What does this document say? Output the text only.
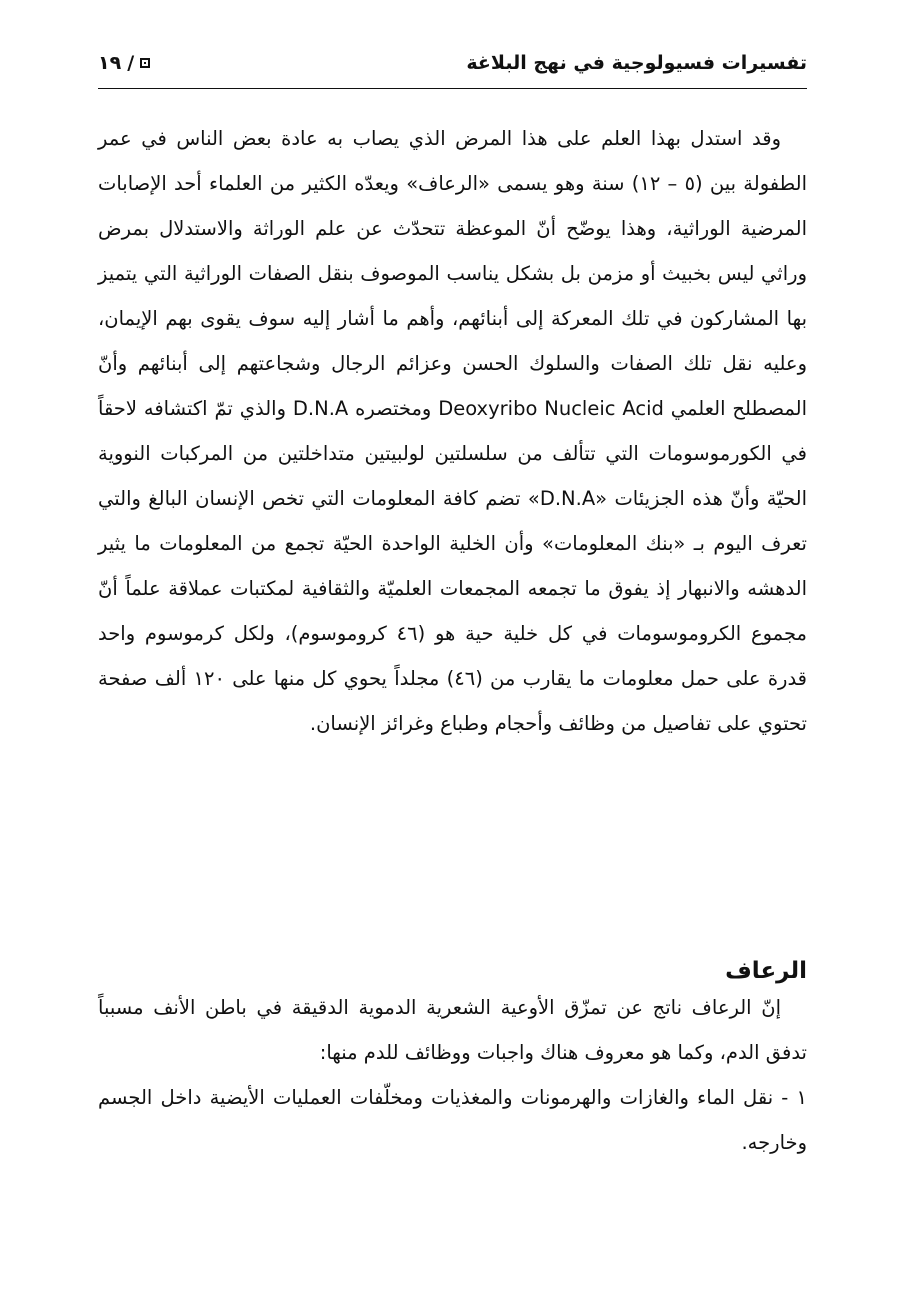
تفسيرات فسيولوجية في نهج البلاغة
١٩ /

وقد استدل بهذا العلم على هذا المرض الذي يصاب به عادة بعض الناس في عمر الطفولة بين (٥ – ١٢) سنة وهو يسمى «الرعاف» ويعدّه الكثير من العلماء أحد الإصابات المرضية الوراثية، وهذا يوضّح أنّ الموعظة تتحدّث عن علم الوراثة والاستدلال بمرض وراثي ليس بخبيث أو مزمن بل بشكل يناسب الموصوف بنقل الصفات الوراثية التي يتميز بها المشاركون في تلك المعركة إلى أبنائهم، وأهم ما أشار إليه سوف يقوى بهم الإيمان، وعليه نقل تلك الصفات والسلوك الحسن وعزائم الرجال وشجاعتهم إلى أبنائهم وأنّ المصطلح العلمي Deoxyribo Nucleic Acid ومختصره D.N.A والذي تمّ اكتشافه لاحقاً في الكورموسومات التي تتألف من سلسلتين لولبيتين متداخلتين من المركبات النووية الحيّة وأنّ هذه الجزيئات «D.N.A» تضم كافة المعلومات التي تخص الإنسان البالغ والتي تعرف اليوم بـ «بنك المعلومات» وأن الخلية الواحدة الحيّة تجمع من المعلومات ما يثير الدهشه والانبهار إذ يفوق ما تجمعه المجمعات العلميّة والثقافية لمكتبات عملاقة علماً أنّ مجموع الكروموسومات في كل خلية حية هو (٤٦ كروموسوم)، ولكل كرموسوم واحد قدرة على حمل معلومات ما يقارب من (٤٦) مجلداً يحوي كل منها على ١٢٠ ألف صفحة تحتوي على تفاصيل من وظائف وأحجام وطباع وغرائز الإنسان.

الرعاف

إنّ الرعاف ناتج عن تمزّق الأوعية الشعرية الدموية الدقيقة في باطن الأنف مسبباً تدفق الدم، وكما هو معروف هناك واجبات ووظائف للدم منها:

١ - نقل الماء والغازات والهرمونات والمغذيات ومخلّفات العمليات الأيضية داخل الجسم وخارجه.
